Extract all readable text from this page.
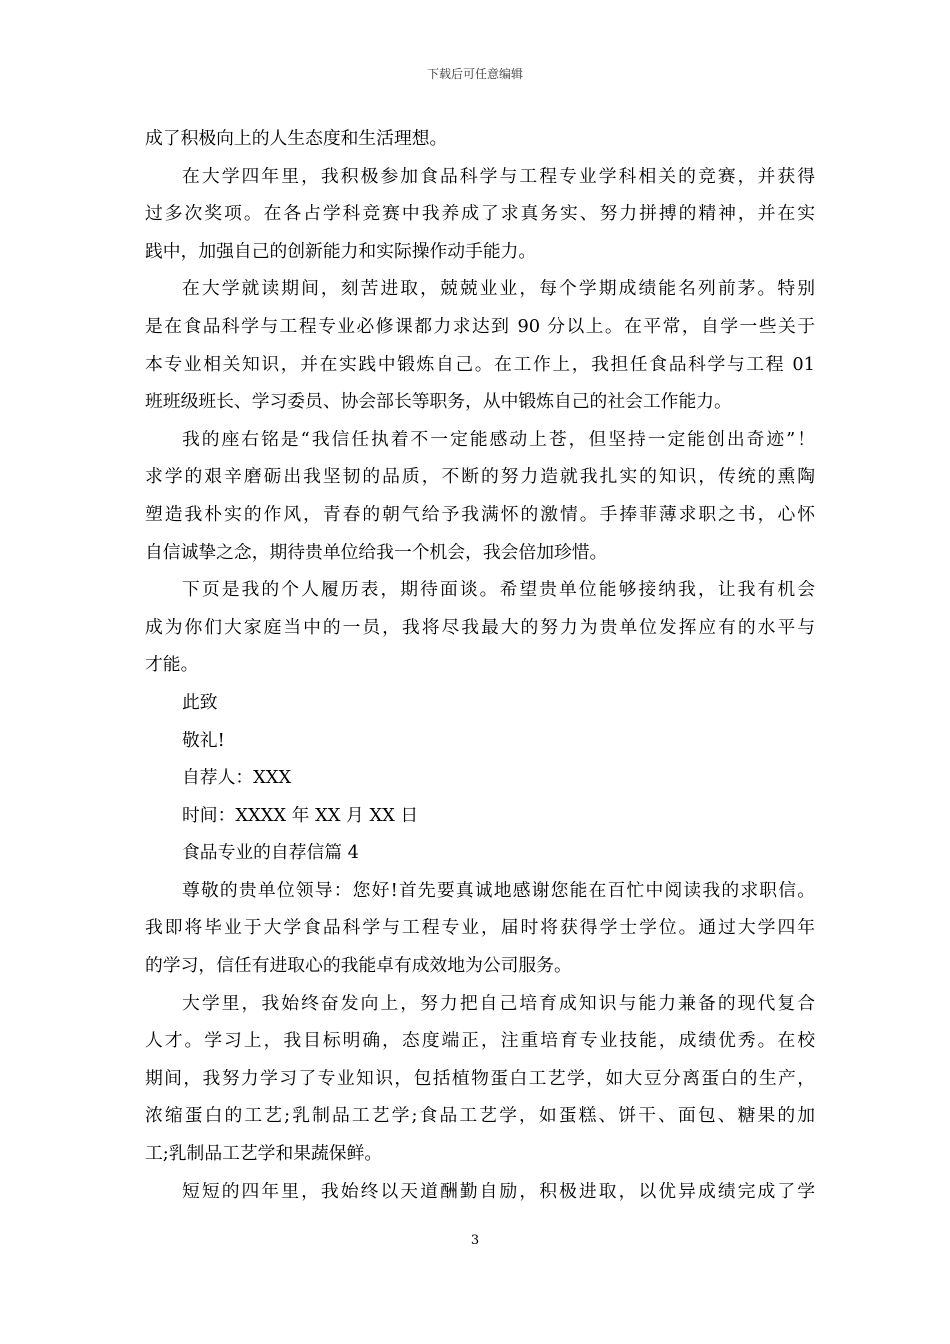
下载后可任意编辑
成了积极向上的人生态度和生活理想。
在大学四年里，我积极参加食品科学与工程专业学科相关的竞赛，并获得
过多次奖项。在各占学科竞赛中我养成了求真务实、努力拼搏的精神，并在实
践中，加强自己的创新能力和实际操作动手能力。
在大学就读期间，刻苦进取，兢兢业业，每个学期成绩能名列前茅。特别
是在食品科学与工程专业必修课都力求达到 90 分以上。在平常，自学一些关于
本专业相关知识，并在实践中锻炼自己。在工作上，我担任食品科学与工程 01
班班级班长、学习委员、协会部长等职务，从中锻炼自己的社会工作能力。
我的座右铭是“我信任执着不一定能感动上苍，但坚持一定能创出奇迹”！
求学的艰辛磨砺出我坚韧的品质，不断的努力造就我扎实的知识，传统的熏陶
塑造我朴实的作风，青春的朝气给予我满怀的激情。手捧菲薄求职之书，心怀
自信诚挚之念，期待贵单位给我一个机会，我会倍加珍惜。
下页是我的个人履历表，期待面谈。希望贵单位能够接纳我，让我有机会
成为你们大家庭当中的一员，我将尽我最大的努力为贵单位发挥应有的水平与
才能。
此致
敬礼!
自荐人：XXX
时间：XXXX 年 XX 月 XX 日
食品专业的自荐信篇 4
尊敬的贵单位领导：您好!首先要真诚地感谢您能在百忙中阅读我的求职信。
我即将毕业于大学食品科学与工程专业，届时将获得学士学位。通过大学四年
的学习，信任有进取心的我能卓有成效地为公司服务。
大学里，我始终奋发向上，努力把自己培育成知识与能力兼备的现代复合
人才。学习上，我目标明确，态度端正，注重培育专业技能，成绩优秀。在校
期间，我努力学习了专业知识，包括植物蛋白工艺学，如大豆分离蛋白的生产，
浓缩蛋白的工艺;乳制品工艺学;食品工艺学，如蛋糕、饼干、面包、糖果的加
工;乳制品工艺学和果蔬保鲜。
短短的四年里，我始终以天道酬勤自励，积极进取，以优异成绩完成了学
3
